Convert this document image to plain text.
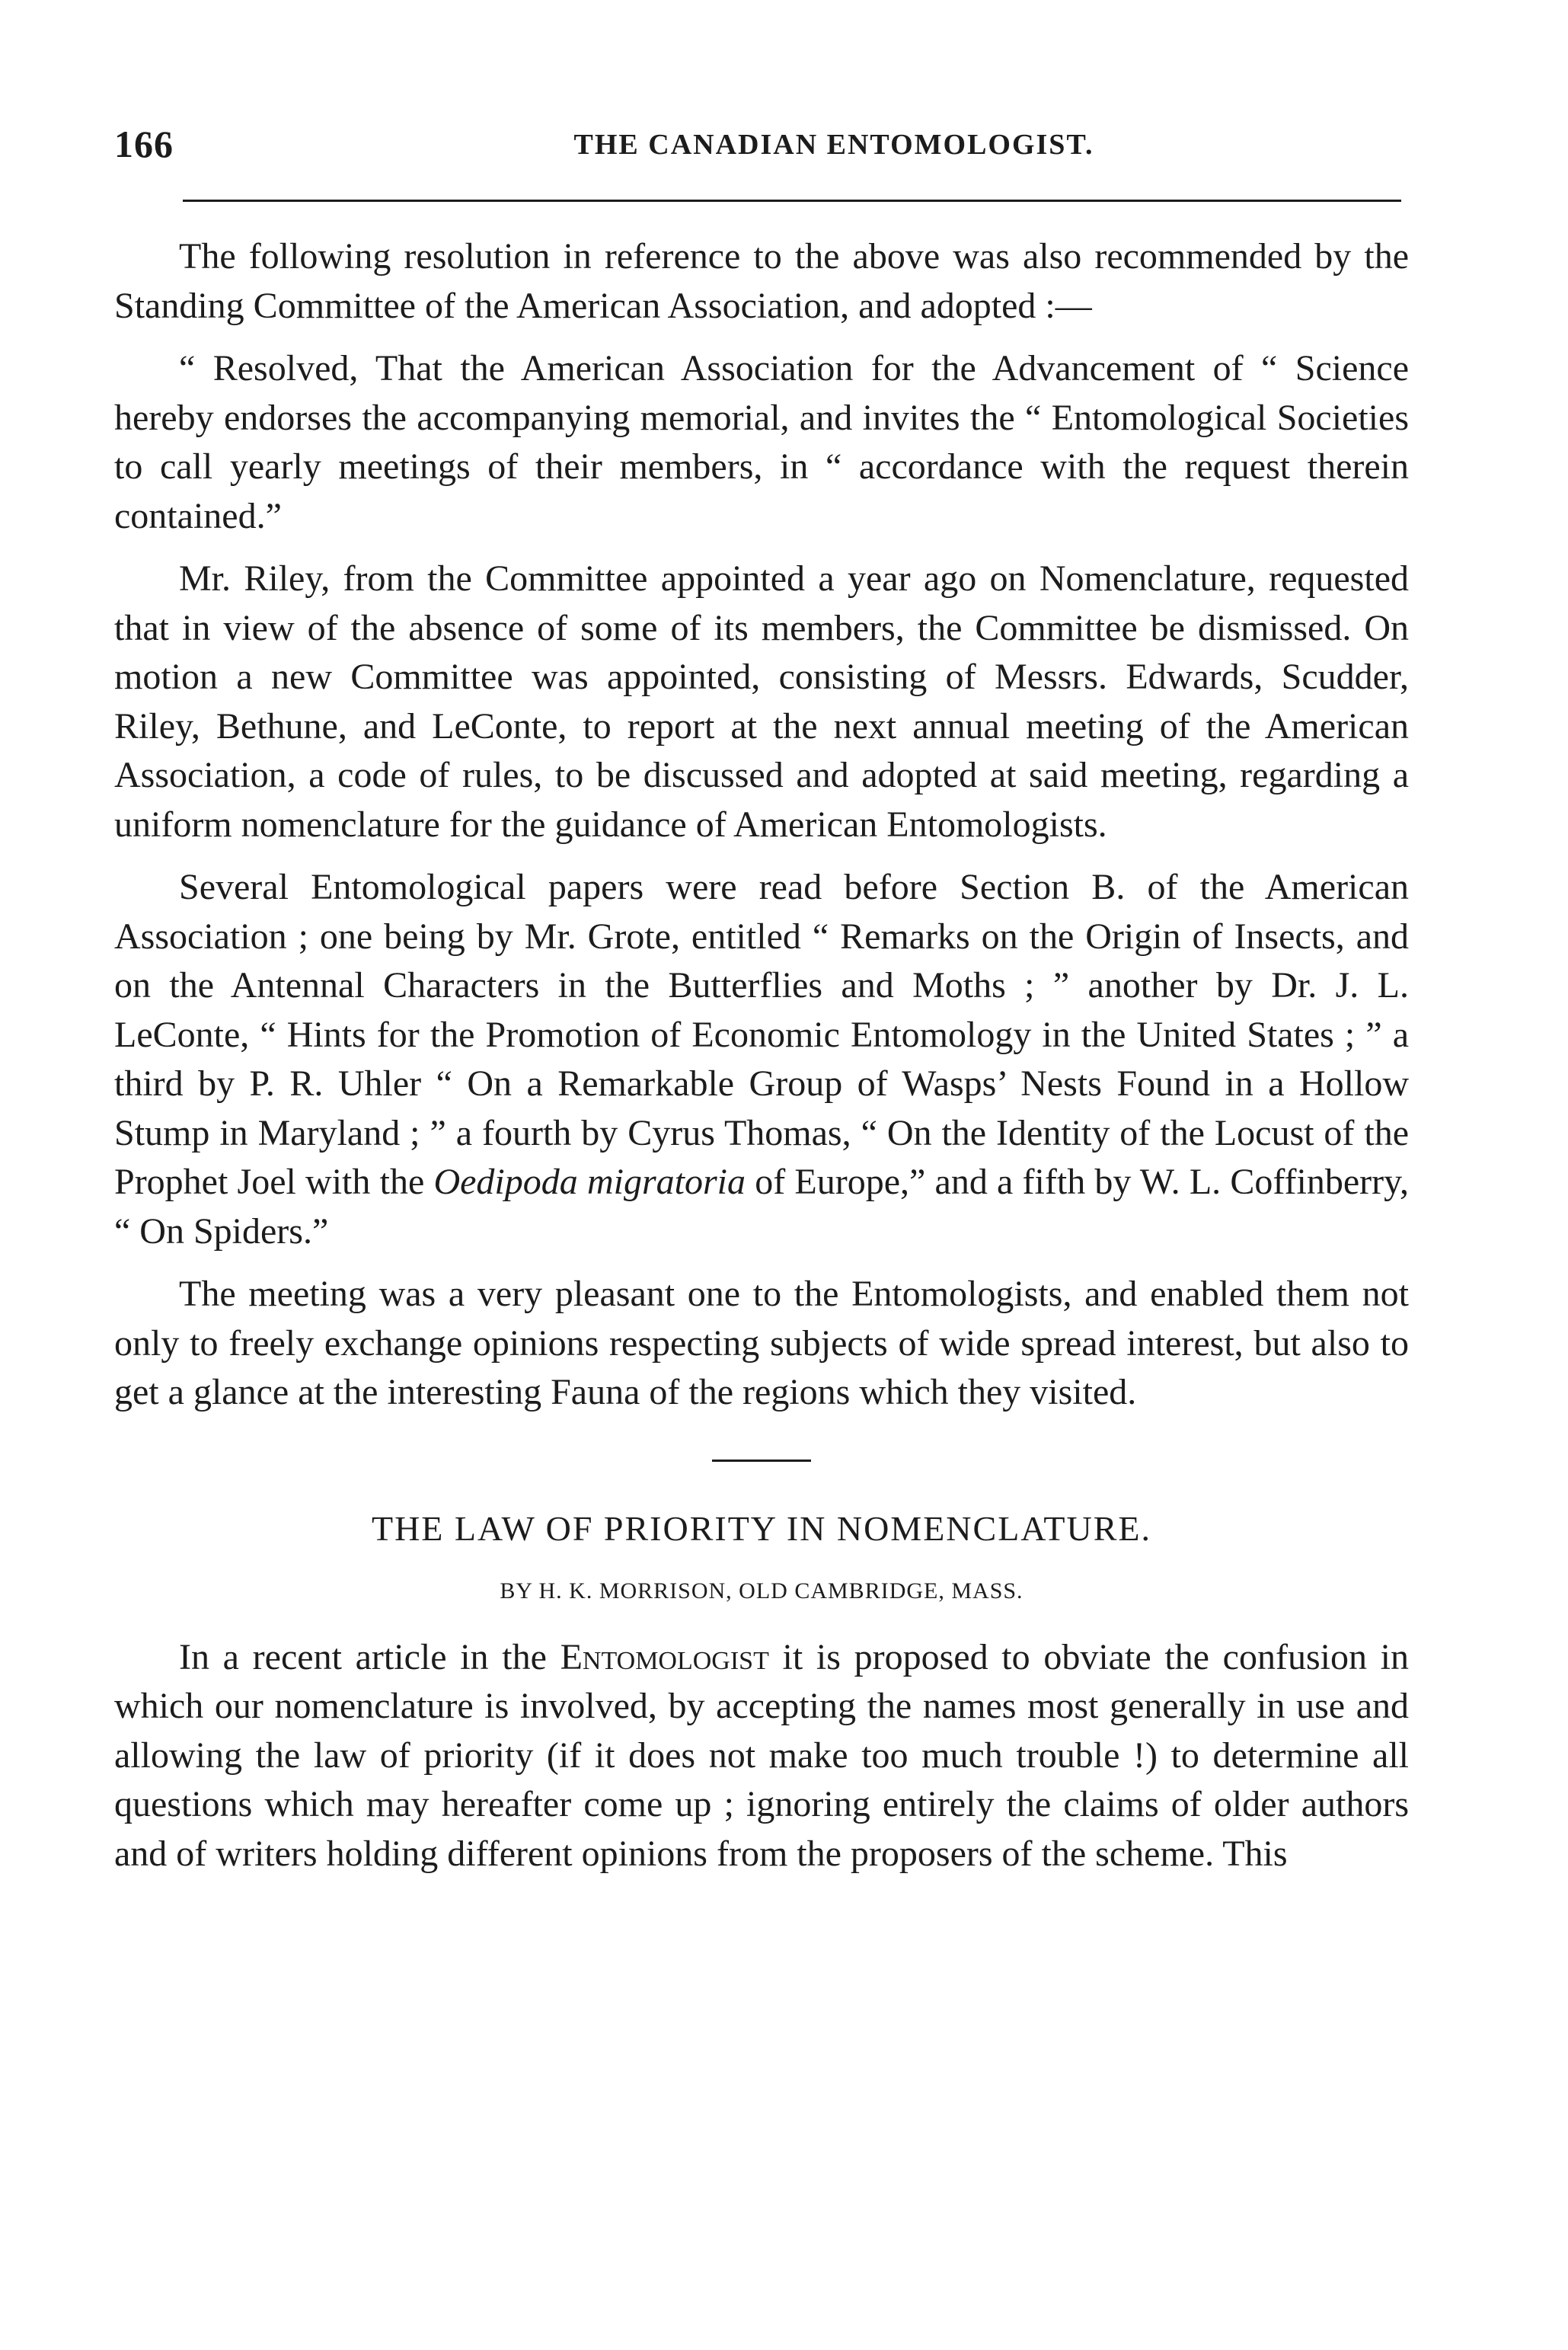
166	THE CANADIAN ENTOMOLOGIST.

The following resolution in reference to the above was also recommended by the Standing Committee of the American Association, and adopted :—

“ Resolved, That the American Association for the Advancement of “ Science hereby endorses the accompanying memorial, and invites the “ Entomological Societies to call yearly meetings of their members, in “ accordance with the request therein contained.”

Mr. Riley, from the Committee appointed a year ago on Nomenclature, requested that in view of the absence of some of its members, the Committee be dismissed. On motion a new Committee was appointed, consisting of Messrs. Edwards, Scudder, Riley, Bethune, and LeConte, to report at the next annual meeting of the American Association, a code of rules, to be discussed and adopted at said meeting, regarding a uniform nomenclature for the guidance of American Entomologists.

Several Entomological papers were read before Section B. of the American Association ; one being by Mr. Grote, entitled “ Remarks on the Origin of Insects, and on the Antennal Characters in the Butterflies and Moths ; ” another by Dr. J. L. LeConte, “ Hints for the Promotion of Economic Entomology in the United States ; ” a third by P. R. Uhler “ On a Remarkable Group of Wasps’ Nests Found in a Hollow Stump in Maryland ; ” a fourth by Cyrus Thomas, “ On the Identity of the Locust of the Prophet Joel with the Oedipoda migratoria of Europe,” and a fifth by W. L. Coffinberry, “ On Spiders.”

The meeting was a very pleasant one to the Entomologists, and enabled them not only to freely exchange opinions respecting subjects of wide spread interest, but also to get a glance at the interesting Fauna of the regions which they visited.

THE LAW OF PRIORITY IN NOMENCLATURE.
BY H. K. MORRISON, OLD CAMBRIDGE, MASS.

In a recent article in the Entomologist it is proposed to obviate the confusion in which our nomenclature is involved, by accepting the names most generally in use and allowing the law of priority (if it does not make too much trouble !) to determine all questions which may hereafter come up ; ignoring entirely the claims of older authors and of writers holding different opinions from the proposers of the scheme. This
